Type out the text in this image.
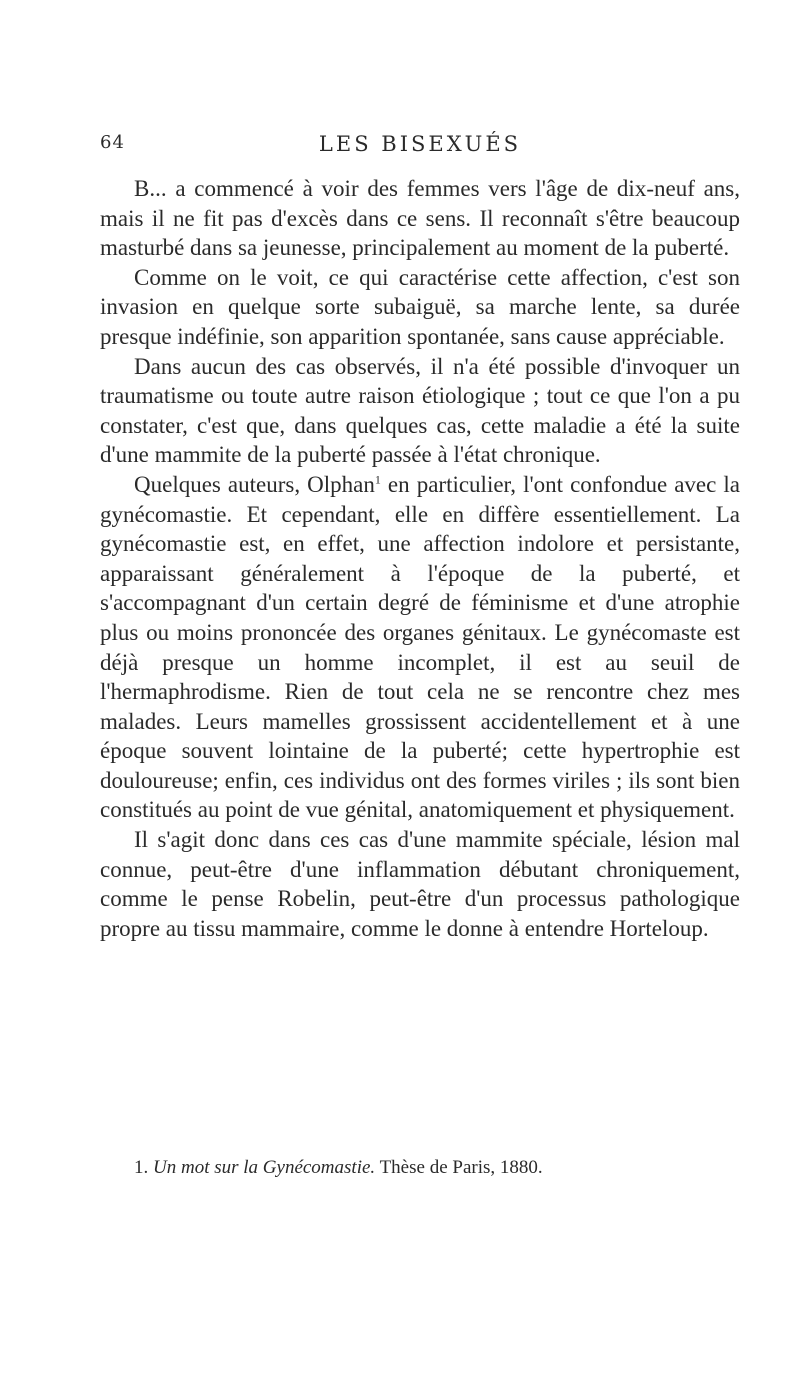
64	LES BISEXUÉS

B... a commencé à voir des femmes vers l'âge de dix-neuf ans, mais il ne fit pas d'excès dans ce sens. Il reconnaît s'être beaucoup masturbé dans sa jeunesse, principalement au moment de la puberté.

Comme on le voit, ce qui caractérise cette affection, c'est son invasion en quelque sorte subaiguë, sa marche lente, sa durée presque indéfinie, son apparition spontanée, sans cause appréciable.

Dans aucun des cas observés, il n'a été possible d'invoquer un traumatisme ou toute autre raison étiologique ; tout ce que l'on a pu constater, c'est que, dans quelques cas, cette maladie a été la suite d'une mammite de la puberté passée à l'état chronique.

Quelques auteurs, Olphan$^1$ en particulier, l'ont confondue avec la gynécomastie. Et cependant, elle en diffère essentiellement. La gynécomastie est, en effet, une affection indolore et persistante, apparaissant généralement à l'époque de la puberté, et s'accompagnant d'un certain degré de féminisme et d'une atrophie plus ou moins prononcée des organes génitaux. Le gynécomaste est déjà presque un homme incomplet, il est au seuil de l'hermaphrodisme. Rien de tout cela ne se rencontre chez mes malades. Leurs mamelles grossissent accidentellement et à une époque souvent lointaine de la puberté; cette hypertrophie est douloureuse; enfin, ces individus ont des formes viriles ; ils sont bien constitués au point de vue génital, anatomiquement et physiquement.

Il s'agit donc dans ces cas d'une mammite spéciale, lésion mal connue, peut-être d'une inflammation débutant chroniquement, comme le pense Robelin, peut-être d'un processus pathologique propre au tissu mammaire, comme le donne à entendre Horteloup.

1. Un mot sur la Gynécomastie. Thèse de Paris, 1880.
